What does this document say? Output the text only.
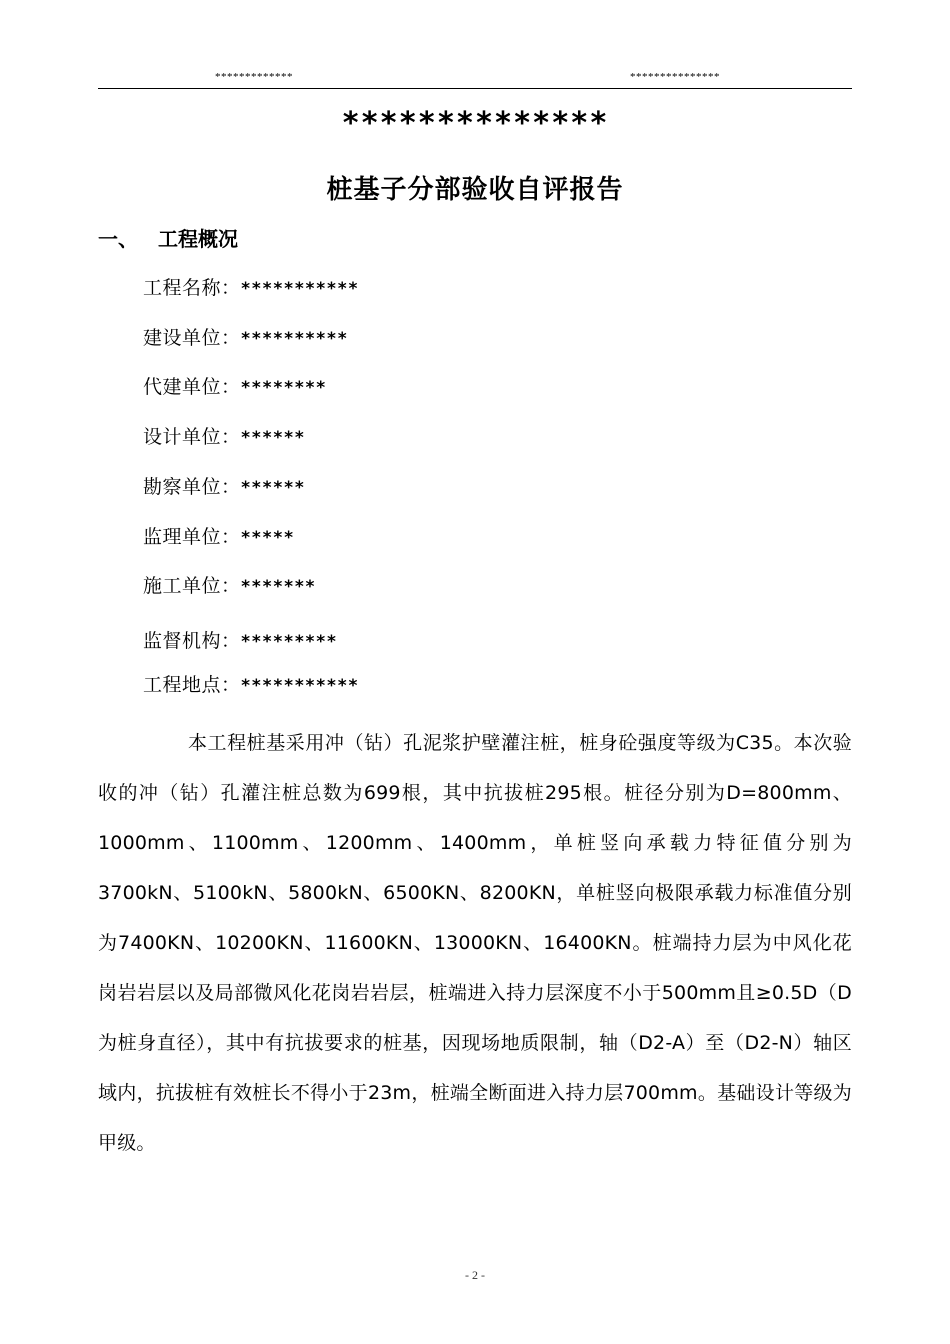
*************	***************
**************
桩基子分部验收自评报告
一、 工程概况
工程名称：***********
建设单位：**********
代建单位：********
设计单位：******
勘察单位：******
监理单位：*****
施工单位：*******
监督机构：*********
工程地点：***********
本工程桩基采用冲（钻）孔泥浆护壁灌注桩，桩身砼强度等级为C35。本次验收的冲（钻）孔灌注桩总数为699根，其中抗拔桩295根。桩径分别为D=800mm、1000mm、1100mm、1200mm、1400mm，单桩竖向承载力特征值分别为3700kN、5100kN、5800kN、6500KN、8200KN，单桩竖向极限承载力标准值分别为7400KN、10200KN、11600KN、13000KN、16400KN。桩端持力层为中风化花岗岩岩层以及局部微风化花岗岩岩层，桩端进入持力层深度不小于500mm且≥0.5D（D为桩身直径），其中有抗拔要求的桩基，因现场地质限制，轴（D2-A）至（D2-N）轴区域内，抗拔桩有效桩长不得小于23m，桩端全断面进入持力层700mm。基础设计等级为甲级。
- 2 -
